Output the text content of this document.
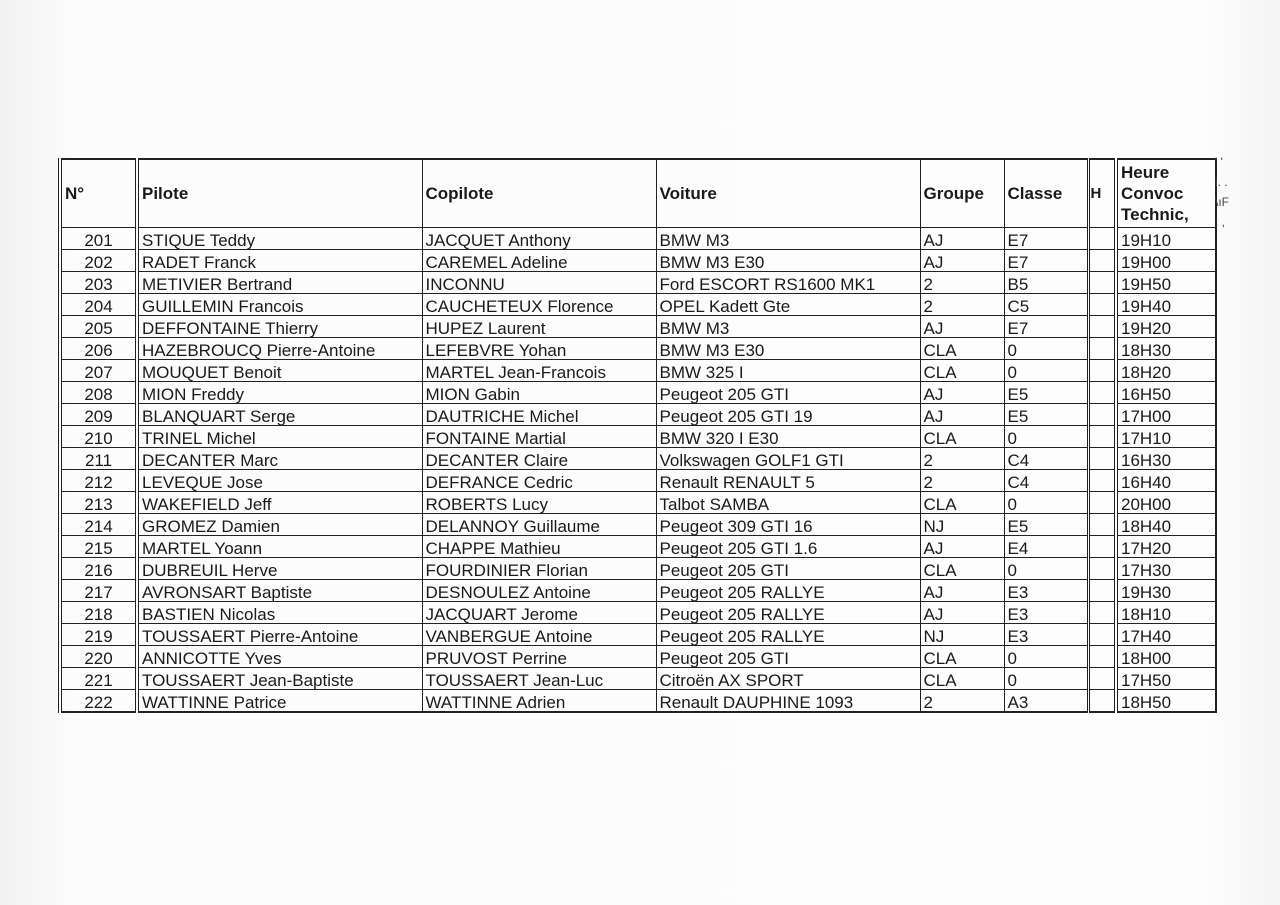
N°	Pilote	Copilote	Voiture	Groupe	Classe	H	Heure Convoc Technic,
201	STIQUE Teddy	JACQUET Anthony	BMW M3	AJ	E7		19H10
202	RADET Franck	CAREMEL Adeline	BMW M3 E30	AJ	E7		19H00
203	METIVIER Bertrand	INCONNU	Ford ESCORT RS1600 MK1	2	B5		19H50
204	GUILLEMIN Francois	CAUCHETEUX Florence	OPEL Kadett Gte	2	C5		19H40
205	DEFFONTAINE Thierry	HUPEZ Laurent	BMW M3	AJ	E7		19H20
206	HAZEBROUCQ Pierre-Antoine	LEFEBVRE Yohan	BMW M3 E30	CLA	0		18H30
207	MOUQUET Benoit	MARTEL Jean-Francois	BMW 325 I	CLA	0		18H20
208	MION Freddy	MION Gabin	Peugeot 205 GTI	AJ	E5		16H50
209	BLANQUART Serge	DAUTRICHE Michel	Peugeot 205 GTI 19	AJ	E5		17H00
210	TRINEL Michel	FONTAINE Martial	BMW 320 I E30	CLA	0		17H10
211	DECANTER Marc	DECANTER Claire	Volkswagen GOLF1 GTI	2	C4		16H30
212	LEVEQUE Jose	DEFRANCE Cedric	Renault RENAULT 5	2	C4		16H40
213	WAKEFIELD Jeff	ROBERTS Lucy	Talbot SAMBA	CLA	0		20H00
214	GROMEZ Damien	DELANNOY Guillaume	Peugeot 309 GTI 16	NJ	E5		18H40
215	MARTEL Yoann	CHAPPE Mathieu	Peugeot 205 GTI 1.6	AJ	E4		17H20
216	DUBREUIL Herve	FOURDINIER Florian	Peugeot 205 GTI	CLA	0		17H30
217	AVRONSART Baptiste	DESNOULEZ Antoine	Peugeot 205 RALLYE	AJ	E3		19H30
218	BASTIEN Nicolas	JACQUART Jerome	Peugeot 205 RALLYE	AJ	E3		18H10
219	TOUSSAERT Pierre-Antoine	VANBERGUE Antoine	Peugeot 205 RALLYE	NJ	E3		17H40
220	ANNICOTTE Yves	PRUVOST Perrine	Peugeot 205 GTI	CLA	0		18H00
221	TOUSSAERT Jean-Baptiste	TOUSSAERT Jean-Luc	Citroën AX SPORT	CLA	0		17H50
222	WATTINNE Patrice	WATTINNE Adrien	Renault DAUPHINE 1093	2	A3		18H50
' '
i. .
\ıF
: ,
